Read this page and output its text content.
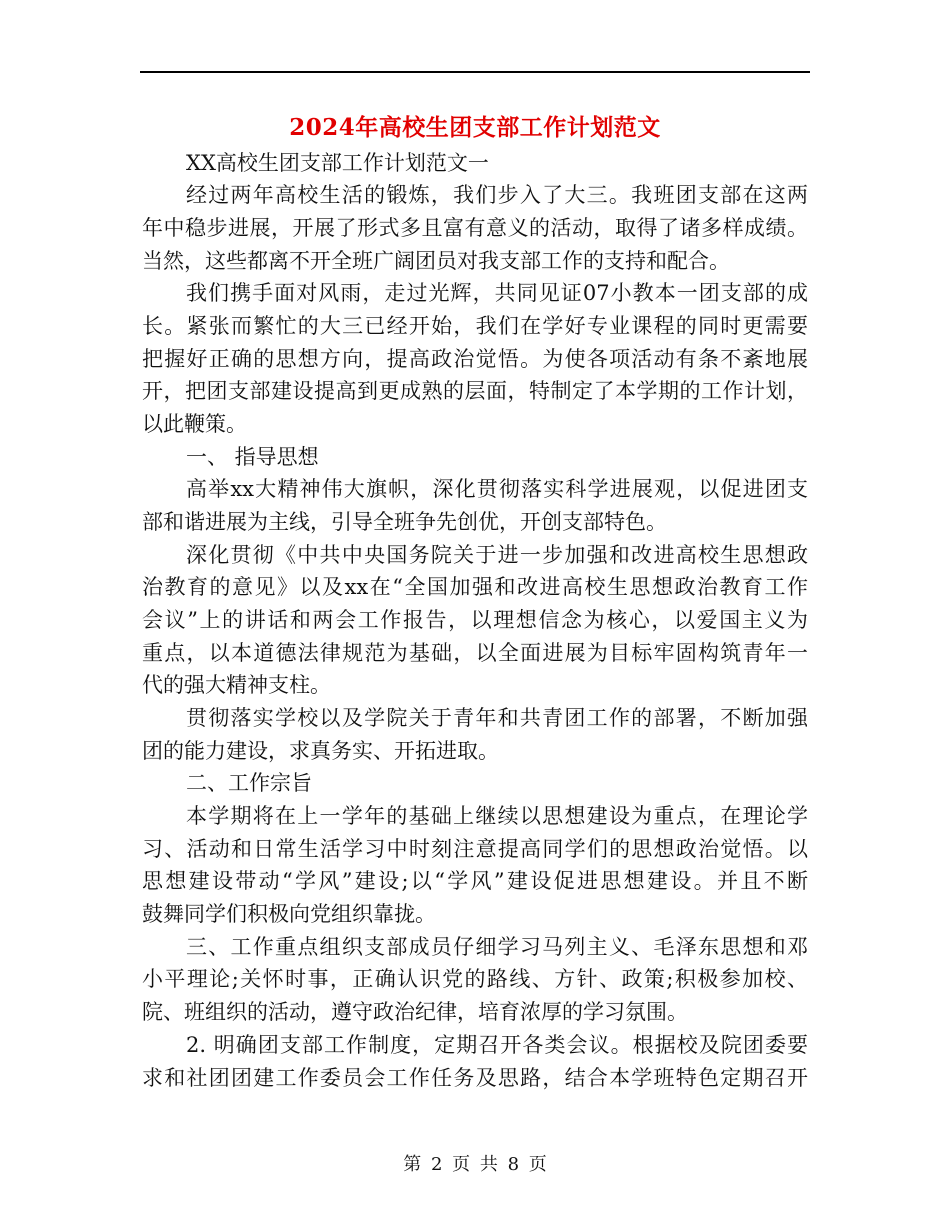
2024年高校生团支部工作计划范文
XX高校生团支部工作计划范文一
经过两年高校生活的锻炼，我们步入了大三。我班团支部在这两
年中稳步进展，开展了形式多且富有意义的活动，取得了诸多样成绩。
当然，这些都离不开全班广阔团员对我支部工作的支持和配合。
我们携手面对风雨，走过光辉，共同见证07小教本一团支部的成
长。紧张而繁忙的大三已经开始，我们在学好专业课程的同时更需要
把握好正确的思想方向，提高政治觉悟。为使各项活动有条不紊地展
开，把团支部建设提高到更成熟的层面，特制定了本学期的工作计划，
以此鞭策。
一、 指导思想
高举xx大精神伟大旗帜，深化贯彻落实科学进展观，以促进团支
部和谐进展为主线，引导全班争先创优，开创支部特色。
深化贯彻《中共中央国务院关于进一步加强和改进高校生思想政
治教育的意见》以及xx在“全国加强和改进高校生思想政治教育工作
会议”上的讲话和两会工作报告，以理想信念为核心，以爱国主义为
重点，以本道德法律规范为基础，以全面进展为目标牢固构筑青年一
代的强大精神支柱。
贯彻落实学校以及学院关于青年和共青团工作的部署，不断加强
团的能力建设，求真务实、开拓进取。
二、工作宗旨
本学期将在上一学年的基础上继续以思想建设为重点，在理论学
习、活动和日常生活学习中时刻注意提高同学们的思想政治觉悟。以
思想建设带动“学风”建设;以“学风”建设促进思想建设。并且不断
鼓舞同学们积极向党组织靠拢。
三、工作重点组织支部成员仔细学习马列主义、毛泽东思想和邓
小平理论;关怀时事，正确认识党的路线、方针、政策;积极参加校、
院、班组织的活动，遵守政治纪律，培育浓厚的学习氛围。
2. 明确团支部工作制度，定期召开各类会议。根据校及院团委要
求和社团团建工作委员会工作任务及思路，结合本学班特色定期召开
第 2 页 共 8 页
